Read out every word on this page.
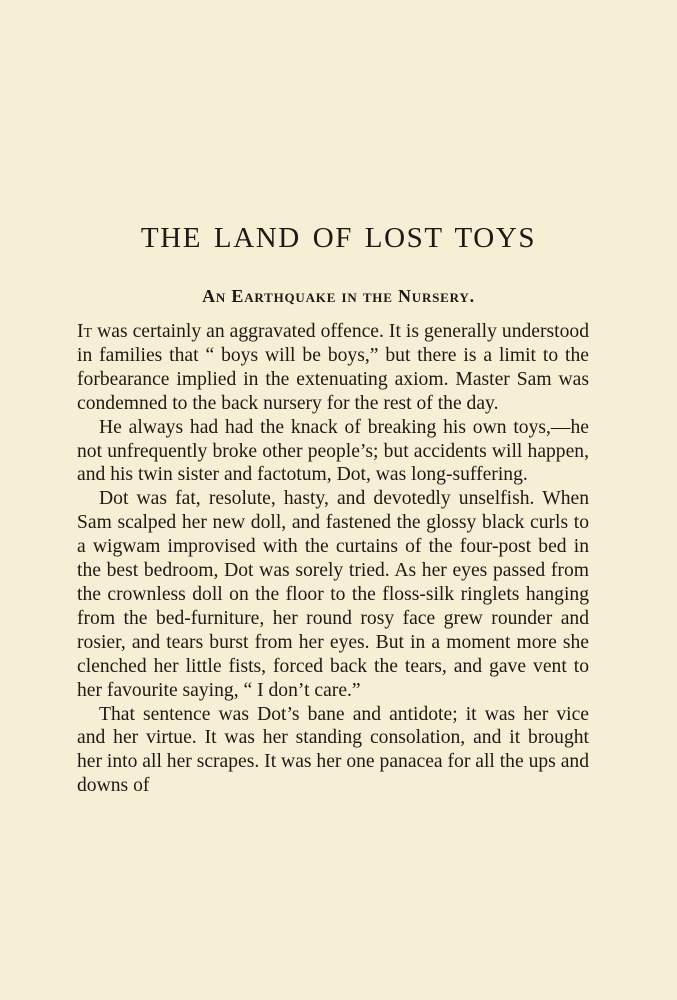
THE LAND OF LOST TOYS
An Earthquake in the Nursery.

It was certainly an aggravated offence. It is generally understood in families that “ boys will be boys,” but there is a limit to the forbearance implied in the extenuating axiom. Master Sam was condemned to the back nursery for the rest of the day.

He always had had the knack of breaking his own toys,—he not unfrequently broke other people’s; but accidents will happen, and his twin sister and factotum, Dot, was long-suffering.

Dot was fat, resolute, hasty, and devotedly unselfish. When Sam scalped her new doll, and fastened the glossy black curls to a wigwam improvised with the curtains of the four-post bed in the best bedroom, Dot was sorely tried. As her eyes passed from the crownless doll on the floor to the floss-silk ringlets hanging from the bed-furniture, her round rosy face grew rounder and rosier, and tears burst from her eyes. But in a moment more she clenched her little fists, forced back the tears, and gave vent to her favourite saying, “ I don’t care.”

That sentence was Dot’s bane and antidote; it was her vice and her virtue. It was her standing consolation, and it brought her into all her scrapes. It was her one panacea for all the ups and downs of
